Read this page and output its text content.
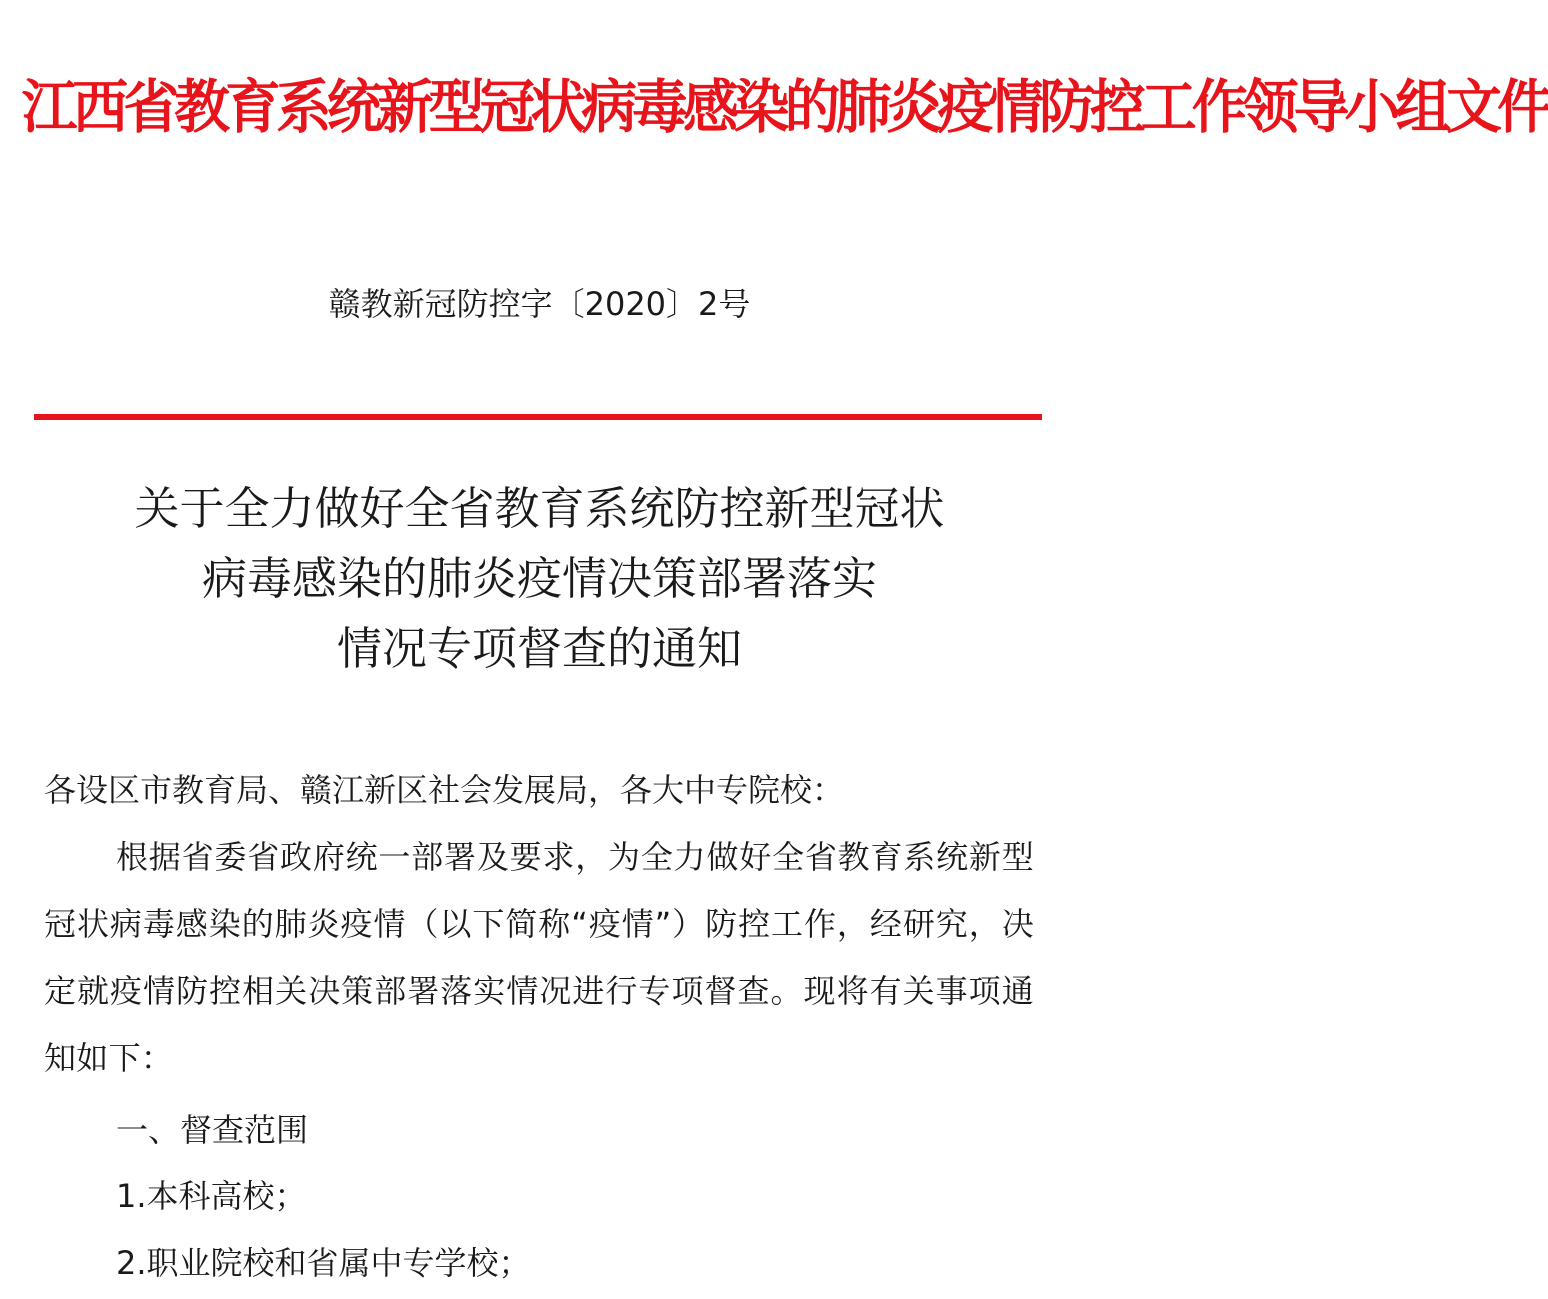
江西省教育系统新型冠状病毒感染的肺炎疫情防控工作领导小组文件
赣教新冠防控字〔2020〕2号
关于全力做好全省教育系统防控新型冠状
病毒感染的肺炎疫情决策部署落实
情况专项督查的通知
各设区市教育局、赣江新区社会发展局，各大中专院校：
根据省委省政府统一部署及要求，为全力做好全省教育系统新型冠状病毒感染的肺炎疫情（以下简称“疫情”）防控工作，经研究，决定就疫情防控相关决策部署落实情况进行专项督查。现将有关事项通知如下：
一、督查范围
1.本科高校；
2.职业院校和省属中专学校；
